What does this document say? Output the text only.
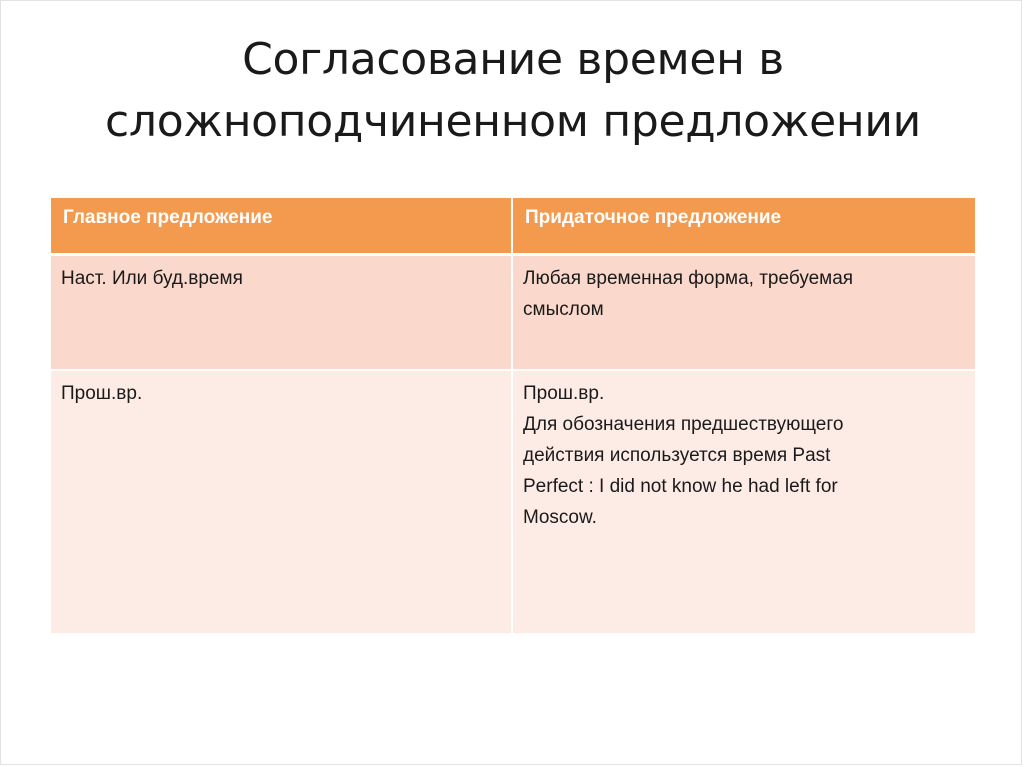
Согласование времен в
сложноподчиненном предложении
Главное предложение	Придаточное предложение
Наст. Или буд.время	Любая временная форма, требуемая
смыслом

Прош.вр.	Прош.вр.
Для обозначения предшествующего
действия используется время Past
Perfect : I did not know he had left for
Moscow.
